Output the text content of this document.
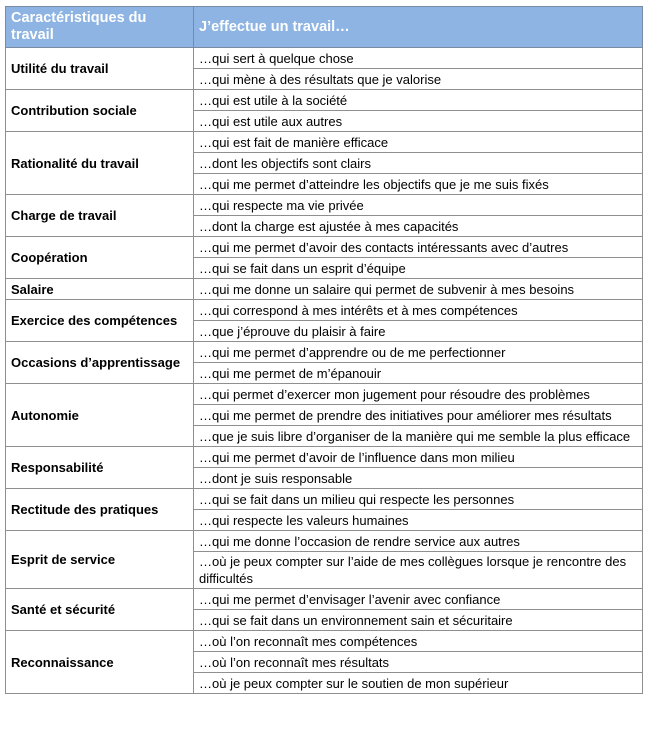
Caractéristiques du travail	J’effectue un travail…
Utilité du travail	…qui sert à quelque chose
	…qui mène à des résultats que je valorise
Contribution sociale	…qui est utile à la société
	…qui est utile aux autres
Rationalité du travail	…qui est fait de manière efficace
	…dont les objectifs sont clairs
	…qui me permet d’atteindre les objectifs que je me suis fixés
Charge de travail	…qui respecte ma vie privée
	…dont la charge est ajustée à mes capacités
Coopération	…qui me permet d’avoir des contacts intéressants avec d’autres
	…qui se fait dans un esprit d’équipe
Salaire	…qui me donne un salaire qui permet de subvenir à mes besoins
Exercice des compétences	…qui correspond à mes intérêts et à mes compétences
	…que j’éprouve du plaisir à faire
Occasions d’apprentissage	…qui me permet d’apprendre ou de me perfectionner
	…qui me permet de m’épanouir
Autonomie	…qui permet d’exercer mon jugement pour résoudre des problèmes
	…qui me permet de prendre des initiatives pour améliorer mes résultats
	…que je suis libre d’organiser de la manière qui me semble la plus efficace
Responsabilité	…qui me permet d’avoir de l’influence dans mon milieu
	…dont je suis responsable
Rectitude des pratiques	…qui se fait dans un milieu qui respecte les personnes
	…qui respecte les valeurs humaines
Esprit de service	…qui me donne l’occasion de rendre service aux autres
	…où je peux compter sur l’aide de mes collègues lorsque je rencontre des difficultés
Santé et sécurité	…qui me permet d’envisager l’avenir avec confiance
	…qui se fait dans un environnement sain et sécuritaire
Reconnaissance	…où l’on reconnaît mes compétences
	…où l’on reconnaît mes résultats
	…où je peux compter sur le soutien de mon supérieur
